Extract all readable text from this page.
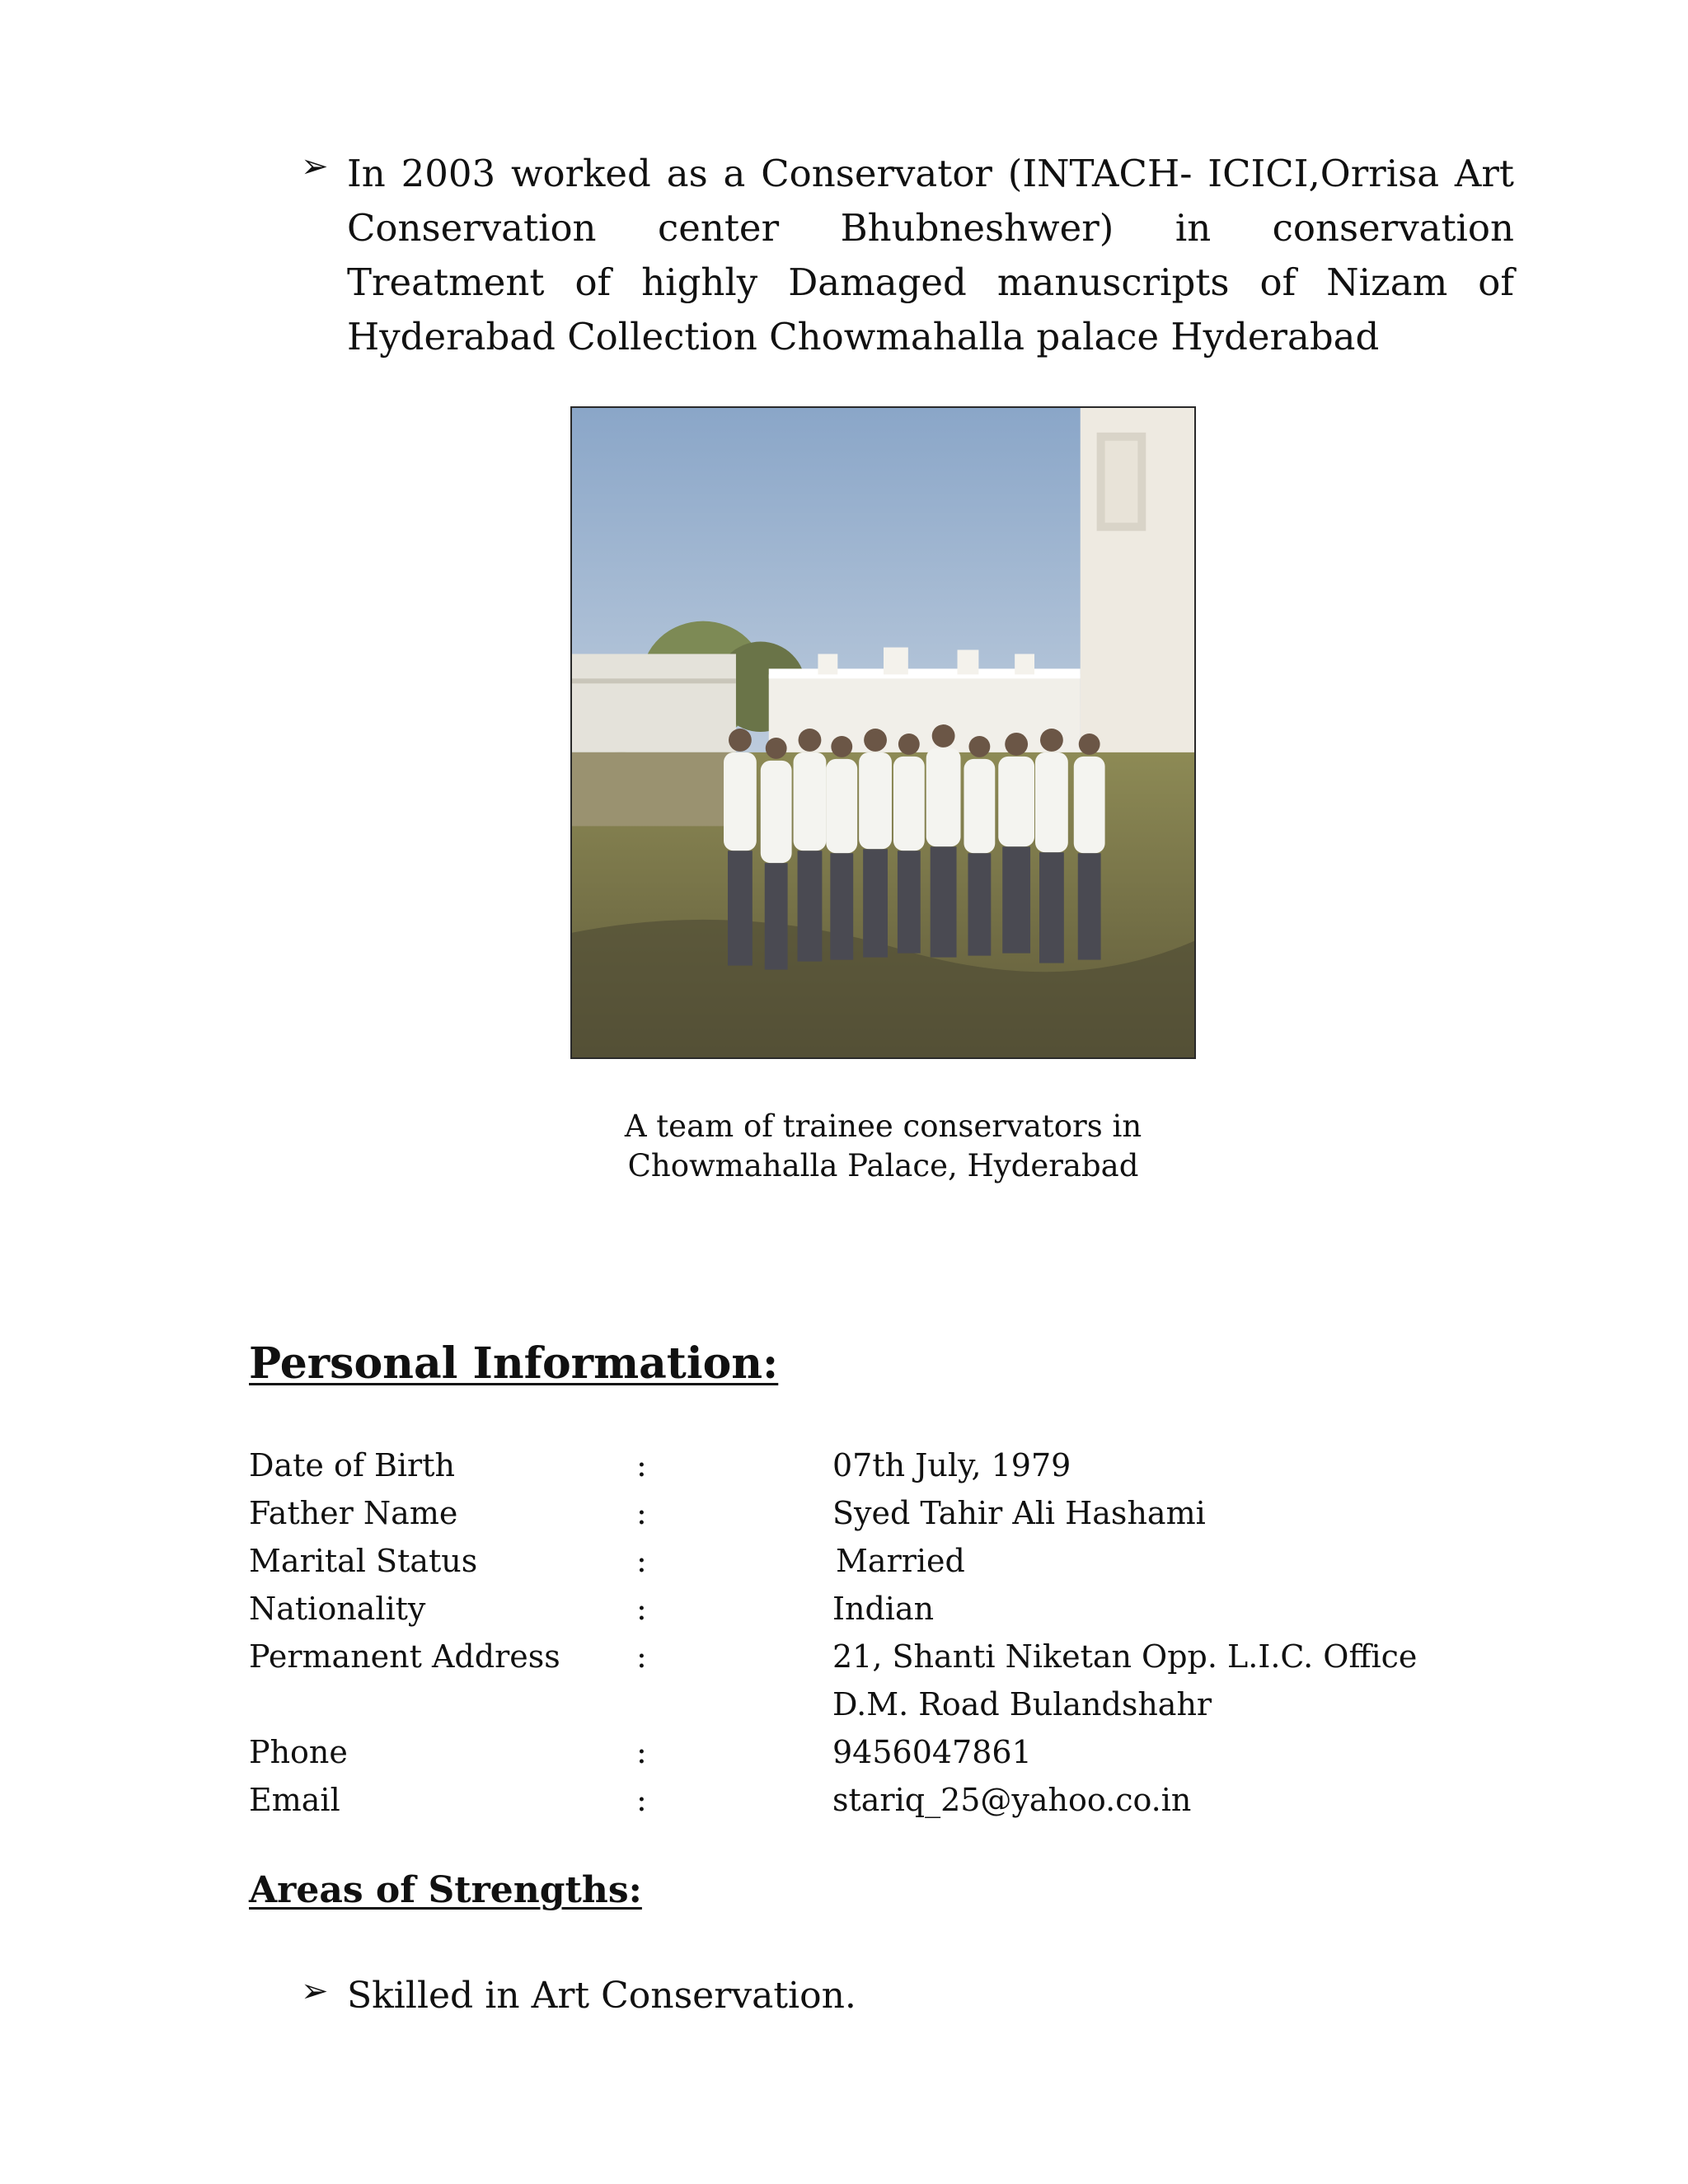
➢ In 2003 worked as a Conservator (INTACH- ICICI,Orrisa Art Conservation center Bhubneshwer) in conservation Treatment of highly Damaged manuscripts of Nizam of Hyderabad Collection Chowmahalla palace Hyderabad
A team of trainee conservators in
Chowmahalla Palace, Hyderabad
Personal Information:
Date of Birth	:	07th July, 1979
Father Name	:	Syed Tahir Ali Hashami
Marital Status	:	Married
Nationality	:	Indian
Permanent Address :	21, Shanti Niketan Opp. L.I.C. Office
D.M. Road Bulandshahr
Phone	:	9456047861
Email	:	stariq_25@yahoo.co.in
Areas of Strengths:
➢ Skilled in Art Conservation.
